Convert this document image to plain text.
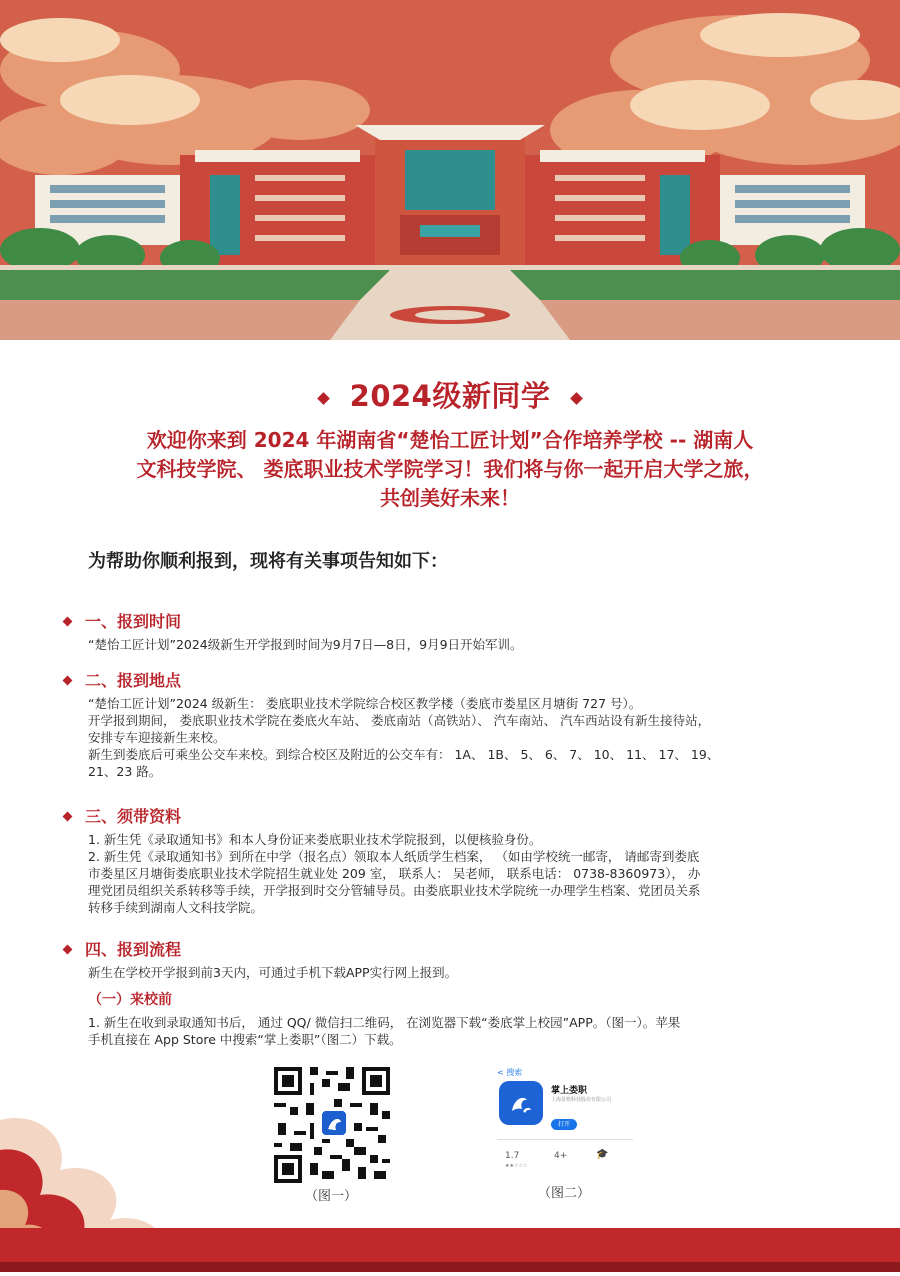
2024级新同学
欢迎你来到 2024 年湖南省“楚怡工匠计划”合作培养学校 -- 湖南人
文科技学院、 娄底职业技术学院学习！我们将与你一起开启大学之旅，
共创美好未来！
为帮助你顺利报到，现将有关事项告知如下：
一、报到时间
“楚怡工匠计划”2024级新生开学报到时间为9月7日—8日，9月9日开始军训。
二、报到地点
“楚怡工匠计划”2024 级新生： 娄底职业技术学院综合校区教学楼（娄底市娄星区月塘街 727 号）。
开学报到期间， 娄底职业技术学院在娄底火车站、 娄底南站（高铁站）、 汽车南站、 汽车西站设有新生接待站，
安排专车迎接新生来校。
新生到娄底后可乘坐公交车来校。到综合校区及附近的公交车有： 1A、 1B、 5、 6、 7、 10、 11、 17、 19、
21、23 路。
三、须带资料
1. 新生凭《录取通知书》和本人身份证来娄底职业技术学院报到，以便核验身份。
2. 新生凭《录取通知书》到所在中学（报名点）领取本人纸质学生档案， （如由学校统一邮寄， 请邮寄到娄底
市娄星区月塘街娄底职业技术学院招生就业处 209 室， 联系人： 吴老师， 联系电话： 0738-8360973）， 办
理党团员组织关系转移等手续，开学报到时交分管辅导员。由娄底职业技术学院统一办理学生档案、党团员关系
转移手续到湖南人文科技学院。
四、报到流程
新生在学校开学报到前3天内，可通过手机下载APP实行网上报到。
（一）来校前
1. 新生在收到录取通知书后， 通过 QQ/ 微信扫二维码， 在浏览器下载“娄底掌上校园”APP。（图一）。苹果
手机直接在 App Store 中搜索“掌上娄职”（图二）下载。
（图一）
< 搜索
掌上娄职
上海景格科技股份有限公司
打开
1.7
★★☆☆☆
4+	🎓
（图二）
